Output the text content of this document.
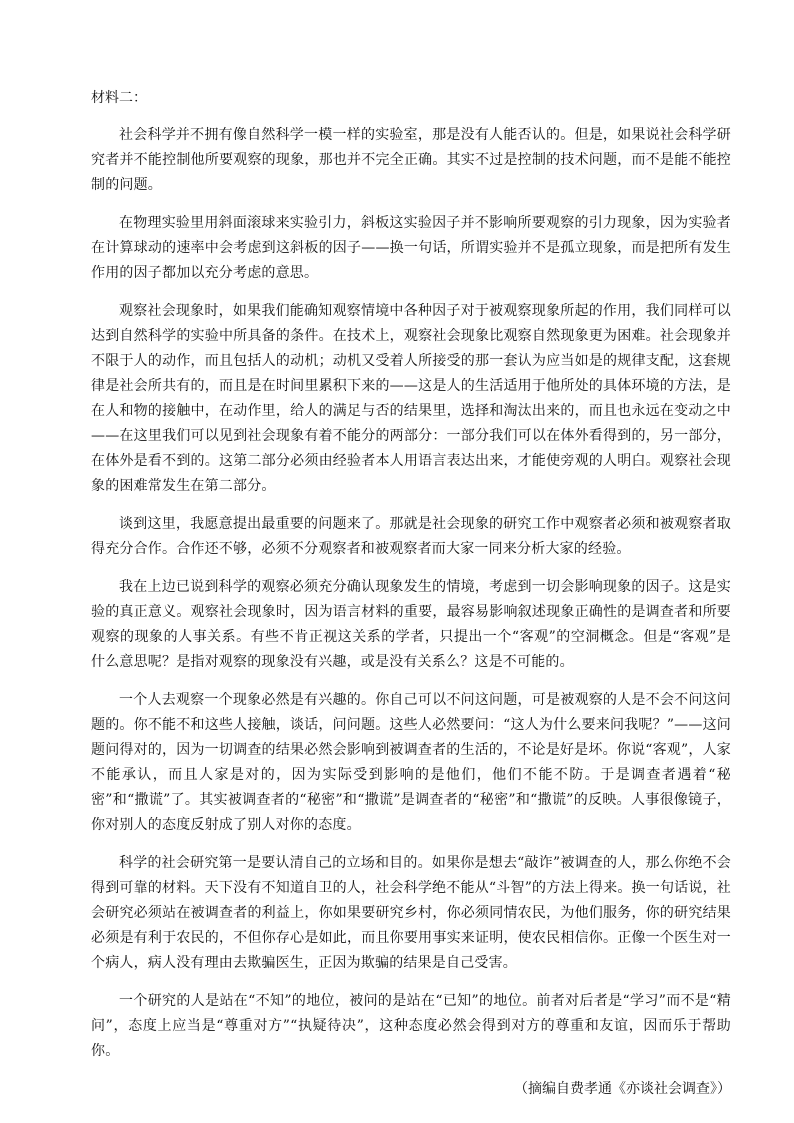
材料二：

社会科学并不拥有像自然科学一模一样的实验室，那是没有人能否认的。但是，如果说社会科学研究者并不能控制他所要观察的现象，那也并不完全正确。其实不过是控制的技术问题，而不是能不能控制的问题。

在物理实验里用斜面滚球来实验引力，斜板这实验因子并不影响所要观察的引力现象，因为实验者在计算球动的速率中会考虑到这斜板的因子——换一句话，所谓实验并不是孤立现象，而是把所有发生作用的因子都加以充分考虑的意思。

观察社会现象时，如果我们能确知观察情境中各种因子对于被观察现象所起的作用，我们同样可以达到自然科学的实验中所具备的条件。在技术上，观察社会现象比观察自然现象更为困难。社会现象并不限于人的动作，而且包括人的动机；动机又受着人所接受的那一套认为应当如是的规律支配，这套规律是社会所共有的，而且是在时间里累积下来的——这是人的生活适用于他所处的具体环境的方法，是在人和物的接触中，在动作里，给人的满足与否的结果里，选择和淘汰出来的，而且也永远在变动之中——在这里我们可以见到社会现象有着不能分的两部分：一部分我们可以在体外看得到的，另一部分，在体外是看不到的。这第二部分必须由经验者本人用语言表达出来，才能使旁观的人明白。观察社会现象的困难常发生在第二部分。

谈到这里，我愿意提出最重要的问题来了。那就是社会现象的研究工作中观察者必须和被观察者取得充分合作。合作还不够，必须不分观察者和被观察者而大家一同来分析大家的经验。

我在上边已说到科学的观察必须充分确认现象发生的情境，考虑到一切会影响现象的因子。这是实验的真正意义。观察社会现象时，因为语言材料的重要，最容易影响叙述现象正确性的是调查者和所要观察的现象的人事关系。有些不肯正视这关系的学者，只提出一个“客观”的空洞概念。但是“客观”是什么意思呢？是指对观察的现象没有兴趣，或是没有关系么？这是不可能的。

一个人去观察一个现象必然是有兴趣的。你自己可以不问这问题，可是被观察的人是不会不问这问题的。你不能不和这些人接触，谈话，问问题。这些人必然要问：“这人为什么要来问我呢？”——这问题问得对的，因为一切调查的结果必然会影响到被调查者的生活的，不论是好是坏。你说“客观”，人家不能承认，而且人家是对的，因为实际受到影响的是他们，他们不能不防。于是调查者遇着“秘密”和“撒谎”了。其实被调查者的“秘密”和“撒谎”是调查者的“秘密”和“撒谎”的反映。人事很像镜子，你对别人的态度反射成了别人对你的态度。

科学的社会研究第一是要认清自己的立场和目的。如果你是想去“敲诈”被调查的人，那么你绝不会得到可靠的材料。天下没有不知道自卫的人，社会科学绝不能从“斗智”的方法上得来。换一句话说，社会研究必须站在被调查者的利益上，你如果要研究乡村，你必须同情农民，为他们服务，你的研究结果必须是有利于农民的，不但你存心是如此，而且你要用事实来证明，使农民相信你。正像一个医生对一个病人，病人没有理由去欺骗医生，正因为欺骗的结果是自己受害。

一个研究的人是站在“不知”的地位，被问的是站在“已知”的地位。前者对后者是“学习”而不是“精问”，态度上应当是“尊重对方”“执疑待决”，这种态度必然会得到对方的尊重和友谊，因而乐于帮助你。

（摘编自费孝通《亦谈社会调查》）
